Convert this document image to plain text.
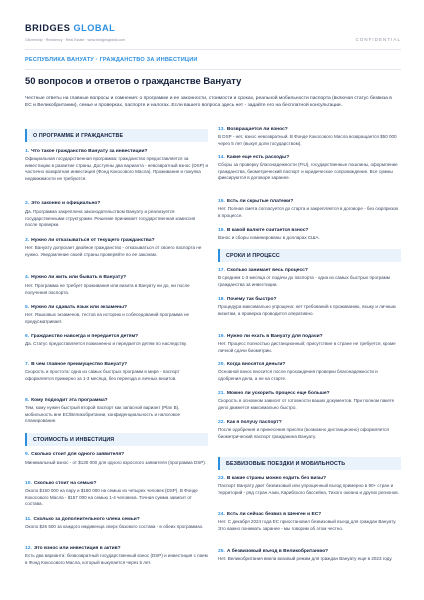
BRIDGES GLOBAL
Citizenship · Residency · Real Estate · www.bridgesglobal.com	CONFIDENTIAL
РЕСПУБЛИКА ВАНУАТУ · ГРАЖДАНСТВО ЗА ИНВЕСТИЦИИ
50 вопросов и ответов о гражданстве Вануату
Честные ответы на главные вопросы и сомнения: о программе и ее законности, стоимости и сроках, реальной мобильности паспорта (включая статус безвиза в ЕС и Великобритании), семье и проверках, паспорте и налогах. Если вашего вопроса здесь нет - задайте его на бесплатной консультации.
О ПРОГРАММЕ И ГРАЖДАНСТВЕ
1. Что такое гражданство Вануату за инвестиции?
Официальная государственная программа: гражданство предоставляется за инвестицию в развитие страны. Доступны два варианта - невозвратный взнос (DSP) и частично возвратная инвестиция (Фонд Кокосового Масла). Проживание и покупка недвижимости не требуются.
2. Это законно и официально?
Да. Программа закреплена законодательством Вануату и реализуется государственными структурами. Решение принимает государственная комиссия после проверки.
3. Нужно ли отказываться от текущего гражданства?
Нет. Вануату допускает двойное гражданство - отказываться от своего паспорта не нужно. Уведомление своей страны проверяйте по ее законам.
4. Нужно ли жить или бывать в Вануату?
Нет. Программа не требует проживания или визита в Вануату ни до, ни после получения паспорта.
5. Нужно ли сдавать язык или экзамены?
Нет. Языковых экзаменов, тестов на историю и собеседований программа не предусматривает.
6. Гражданство навсегда и передается детям?
Да. Статус предоставляется пожизненно и передается детям по наследству.
7. В чем главное преимущество Вануату?
Скорость и простота: одна из самых быстрых программ в мире - паспорт оформляется примерно за 1-3 месяца, без переезда и личных визитов.
8. Кому подходит эта программа?
Тем, кому нужен быстрый второй паспорт как запасной вариант (Plan B), мобильность вне ЕС/Великобритании, конфиденциальность и налоговое планирование.
СТОИМОСТЬ И ИНВЕСТИЦИЯ
9. Сколько стоит для одного заявителя?
Минимальный взнос - от $130 000 для одного взрослого заявителя (программа DSP).
10. Сколько стоит на семью?
Около $150 000 на пару и $180 000 на семью из четырех человек (DSP). В Фонде Кокосового Масла - $157 000 на семью 1-4 человека. Точная сумма зависит от состава.
11. Сколько за дополнительного члена семьи?
Около $26 500 за каждого иждивенца сверх базового состава - в обеих программах.
12. Это взнос или инвестиция в актив?
Есть два варианта: безвозвратный государственный взнос (DSP) и инвестиция с паем в Фонд Кокосового Масла, который выкупается через 5 лет.
13. Возвращается ли взнос?
В DSP - нет, взнос невозвратный. В Фонде Кокосового Масла возвращается $50 000 через 5 лет (выкуп доли государством).
14. Какие еще есть расходы?
Сборы за проверку благонадежности (FIU), государственные пошлины, оформление гражданства, биометрический паспорт и юридическое сопровождение. Все суммы фиксируются в договоре заранее.
15. Есть ли скрытые платежи?
Нет. Полная смета согласуется до старта и закрепляется в договоре - без сюрпризов в процессе.
16. В какой валюте считается взнос?
Взнос и сборы номинированы в долларах США.
СРОКИ И ПРОЦЕСС
17. Сколько занимает весь процесс?
В среднем 1-3 месяца от подачи до паспорта - одна из самых быстрых программ гражданства за инвестиции.
18. Почему так быстро?
Процедура максимально упрощена: нет требований к проживанию, языку и личным визитам, а проверка проводится оперативно.
19. Нужно ли ехать в Вануату для подачи?
Нет. Процесс полностью дистанционный; присутствие в стране не требуется, кроме личной сдачи биометрии.
20. Когда вносятся деньги?
Основной взнос вносится после прохождения проверки благонадежности и одобрения дела, а не на старте.
21. Можно ли ускорить процесс еще больше?
Скорость в основном зависит от готовности ваших документов. При полном пакете дело движется максимально быстро.
22. Как я получу паспорт?
После одобрения и принесения присяги (возможно дистанционно) оформляется биометрический паспорт гражданина Вануату.
БЕЗВИЗОВЫЕ ПОЕЗДКИ И МОБИЛЬНОСТЬ
23. В какие страны можно ездить без визы?
Паспорт Вануату дает безвизовый или упрощенный въезд примерно в 90+ стран и территорий - ряд стран Азии, Карибского бассейна, Тихого океана и других регионов.
24. Есть ли сейчас безвиз в Шенген и ЕС?
Нет. С декабря 2024 года ЕС приостановил безвизовый въезд для граждан Вануату. Это важно понимать заранее - мы говорим об этом честно.
25. А безвизовый въезд в Великобританию?
Нет. Великобритания ввела визовый режим для граждан Вануату еще в 2023 году.
